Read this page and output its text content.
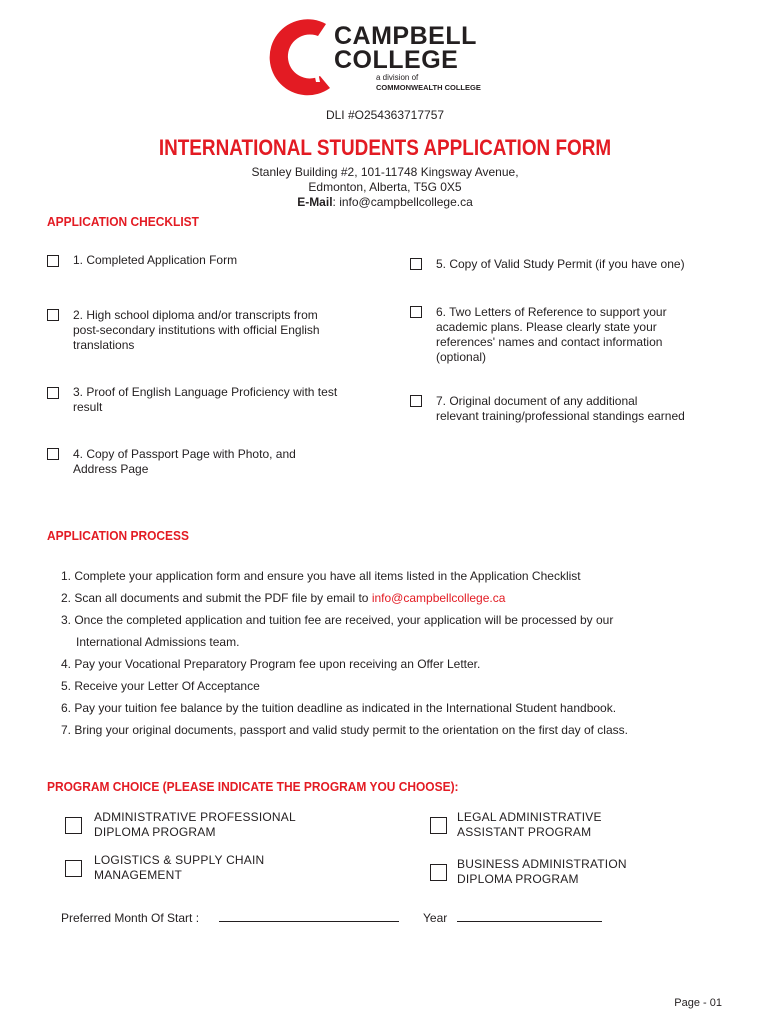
CAMPBELL
COLLEGE
a division of
COMMONWEALTH COLLEGE
DLI #O254363717757
INTERNATIONAL STUDENTS APPLICATION FORM
Stanley Building #2, 101-11748 Kingsway Avenue,
Edmonton, Alberta, T5G 0X5
E-Mail: info@campbellcollege.ca
APPLICATION CHECKLIST
1. Completed Application Form
2. High school diploma and/or transcripts from
post-secondary institutions with official English
translations
3. Proof of English Language Proficiency with test
result
4. Copy of Passport Page with Photo, and
Address Page
5. Copy of Valid Study Permit (if you have one)
6. Two Letters of Reference to support your
academic plans. Please clearly state your
references' names and contact information
(optional)
7. Original document of any additional
relevant training/professional standings earned
APPLICATION PROCESS
1. Complete your application form and ensure you have all items listed in the Application Checklist
2. Scan all documents and submit the PDF file by email to info@campbellcollege.ca
3. Once the completed application and tuition fee are received, your application will be processed by our
International Admissions team.
4. Pay your Vocational Preparatory Program fee upon receiving an Offer Letter.
5. Receive your Letter Of Acceptance
6. Pay your tuition fee balance by the tuition deadline as indicated in the International Student handbook.
7. Bring your original documents, passport and valid study permit to the orientation on the first day of class.
PROGRAM CHOICE (PLEASE INDICATE THE PROGRAM YOU CHOOSE):
ADMINISTRATIVE PROFESSIONAL
DIPLOMA PROGRAM
LOGISTICS & SUPPLY CHAIN
MANAGEMENT
LEGAL ADMINISTRATIVE
ASSISTANT PROGRAM
BUSINESS ADMINISTRATION
DIPLOMA PROGRAM
Preferred Month Of Start :	Year
Page - 01
